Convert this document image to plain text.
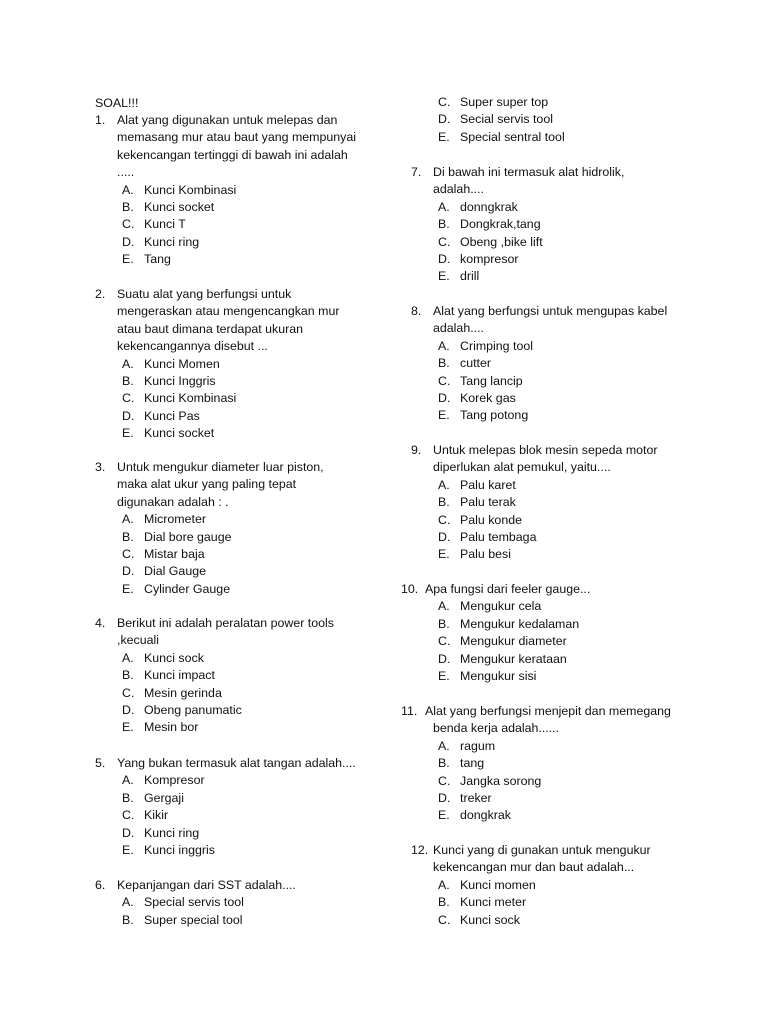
SOAL!!!
1. Alat yang digunakan untuk melepas dan
memasang mur atau baut yang mempunyai
kekencangan tertinggi di bawah ini adalah
.....
A. Kunci Kombinasi
B. Kunci socket
C. Kunci T
D. Kunci ring
E. Tang
2. Suatu alat yang berfungsi untuk
mengeraskan atau mengencangkan mur
atau baut dimana terdapat ukuran
kekencangannya disebut ...
A. Kunci Momen
B. Kunci Inggris
C. Kunci Kombinasi
D. Kunci Pas
E. Kunci socket
3. Untuk mengukur diameter luar piston,
maka alat ukur yang paling tepat
digunakan adalah : .
A. Micrometer
B. Dial bore gauge
C. Mistar baja
D. Dial Gauge
E. Cylinder Gauge
4. Berikut ini adalah peralatan power tools
,kecuali
A. Kunci sock
B. Kunci impact
C. Mesin gerinda
D. Obeng panumatic
E. Mesin bor
5. Yang bukan termasuk alat tangan adalah....
A. Kompresor
B. Gergaji
C. Kikir
D. Kunci ring
E. Kunci inggris
6. Kepanjangan dari SST adalah....
A. Special servis tool
B. Super special tool
C. Super super top
D. Secial servis tool
E. Special sentral tool
7. Di bawah ini termasuk alat hidrolik,
adalah....
A. donngkrak
B. Dongkrak,tang
C. Obeng ,bike lift
D. kompresor
E. drill
8. Alat yang berfungsi untuk mengupas kabel
adalah....
A. Crimping tool
B. cutter
C. Tang lancip
D. Korek gas
E. Tang potong
9. Untuk melepas blok mesin sepeda motor
diperlukan alat pemukul, yaitu....
A. Palu karet
B. Palu terak
C. Palu konde
D. Palu tembaga
E. Palu besi
10. Apa fungsi dari feeler gauge...
A. Mengukur cela
B. Mengukur kedalaman
C. Mengukur diameter
D. Mengukur kerataan
E. Mengukur sisi
11. Alat yang berfungsi menjepit dan memegang
benda kerja adalah......
A. ragum
B. tang
C. Jangka sorong
D. treker
E. dongkrak
12. Kunci yang di gunakan untuk mengukur
kekencangan mur dan baut adalah...
A. Kunci momen
B. Kunci meter
C. Kunci sock
